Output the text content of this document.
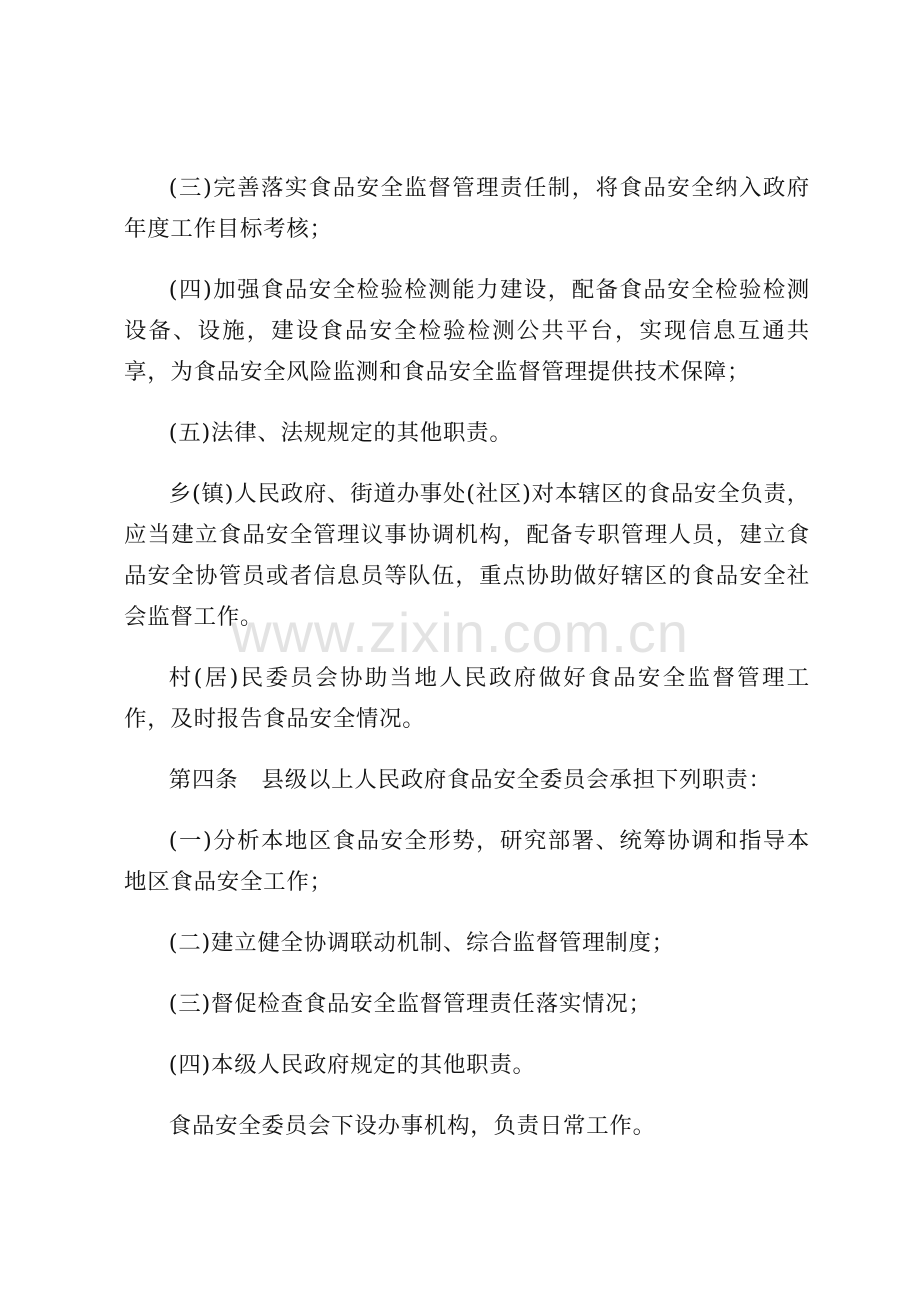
(三)完善落实食品安全监督管理责任制，将食品安全纳入政府年度工作目标考核；

(四)加强食品安全检验检测能力建设，配备食品安全检验检测设备、设施，建设食品安全检验检测公共平台，实现信息互通共享，为食品安全风险监测和食品安全监督管理提供技术保障；

(五)法律、法规规定的其他职责。

乡(镇)人民政府、街道办事处(社区)对本辖区的食品安全负责，应当建立食品安全管理议事协调机构，配备专职管理人员，建立食品安全协管员或者信息员等队伍，重点协助做好辖区的食品安全社会监督工作。

村(居)民委员会协助当地人民政府做好食品安全监督管理工作，及时报告食品安全情况。

第四条　县级以上人民政府食品安全委员会承担下列职责：

(一)分析本地区食品安全形势，研究部署、统筹协调和指导本地区食品安全工作；

(二)建立健全协调联动机制、综合监督管理制度；

(三)督促检查食品安全监督管理责任落实情况；

(四)本级人民政府规定的其他职责。

食品安全委员会下设办事机构，负责日常工作。

www.zixin.com.cn
